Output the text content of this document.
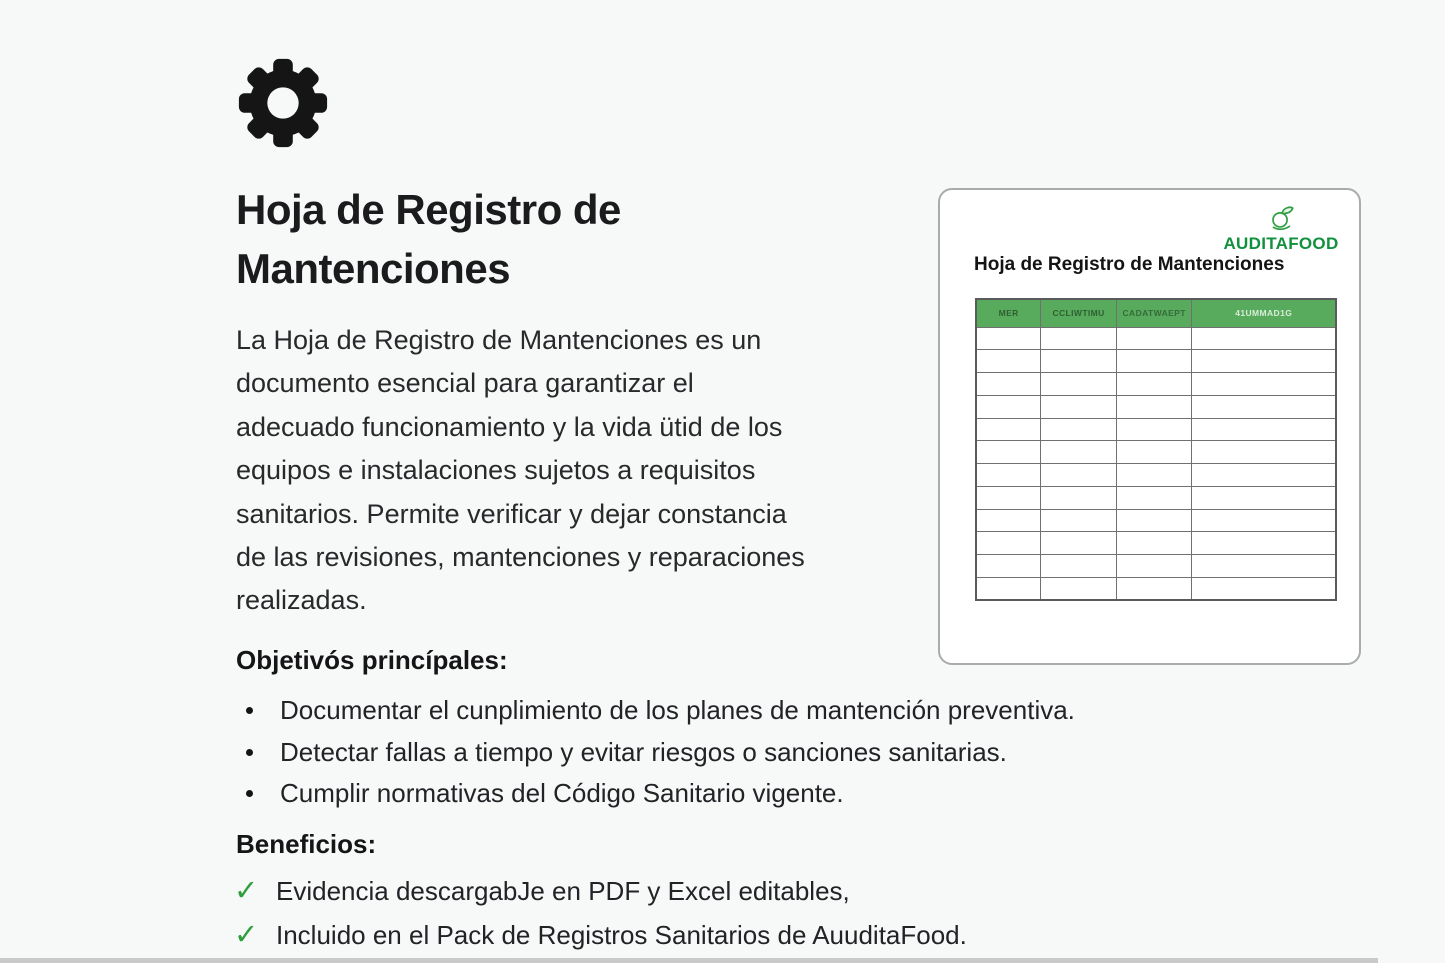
Hoja de Registro de
Mantenciones
La Hoja de Registro de Mantenciones es un
documento esencial para garantizar el
adecuado funcionamiento y la vida ütid de los
equipos e instalaciones sujetos a requisitos
sanitarios. Permite verificar y dejar constancia
de las revisiones, mantenciones y reparaciones
realizadas.
Objetivós princípales:
Documentar el cunplimiento de los planes de mantención preventiva.
Detectar fallas a tiempo y evitar riesgos o sanciones sanitarias.
Cumplir normativas del Código Sanitario vigente.
Beneficios:
✓ Evidencia descargabJe en PDF y Excel editables,
✓ Incluido en el Pack de Registros Sanitarios de AuuditaFood.
AUDITAFOOD
Hoja de Registro de Mantenciones
MER	CCLIWTIMU	CADATWAEPT	41UMMAD1G
